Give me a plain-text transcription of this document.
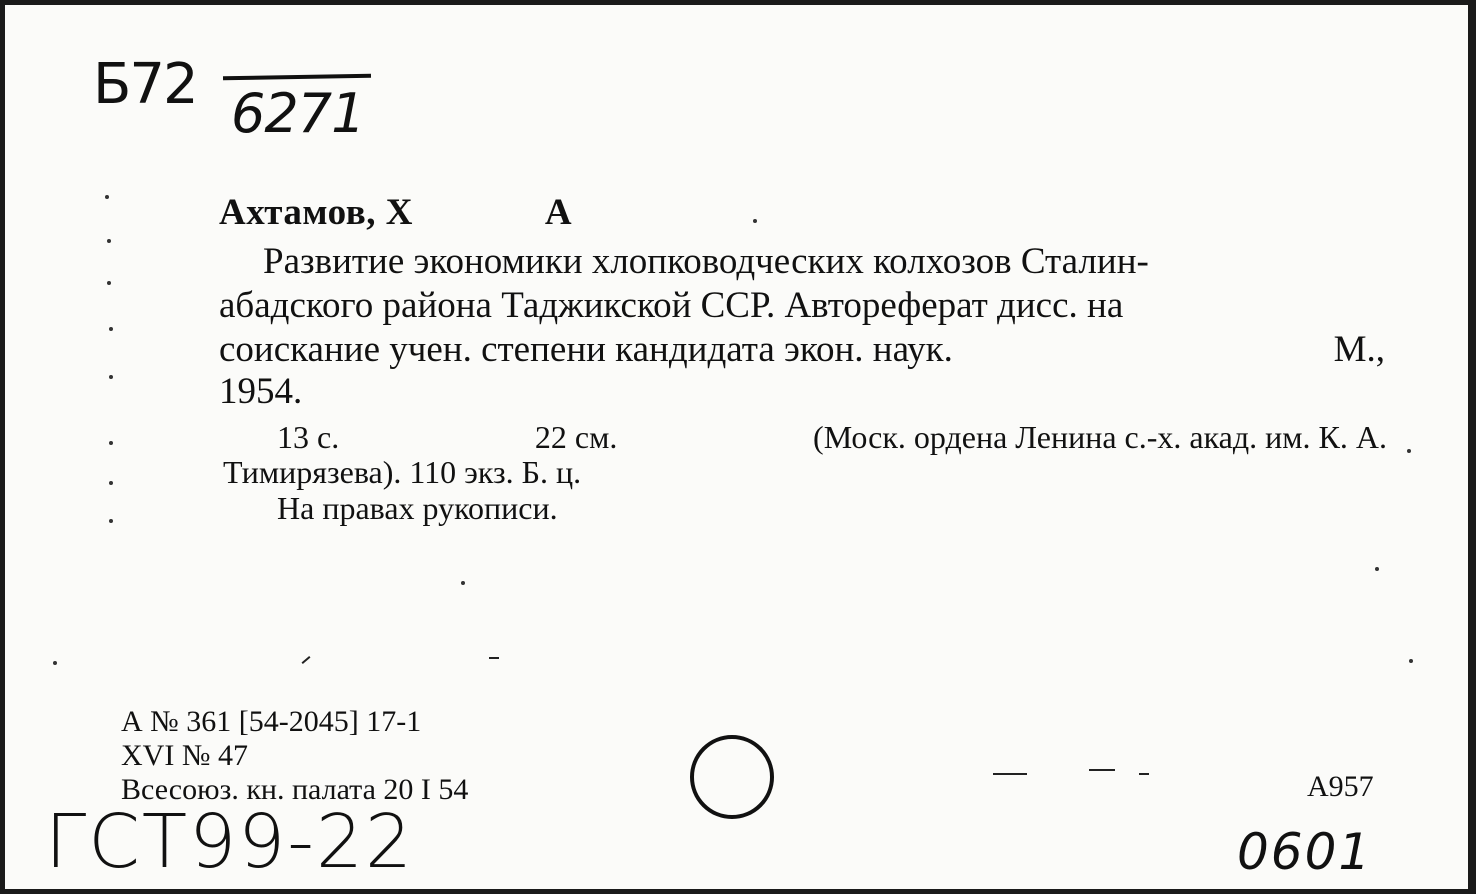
Б72 6271

Ахтамов, Х	А

Развитие экономики хлопководческих колхозов Сталин-

абадского района Таджикской ССР. Автореферат дисс. на

соискание учен. степени кандидата экон. наук.	М.,

1954.

13 с.	22 см.	(Моск. ордена Ленина с.-х. акад. им. К. А.

Тимирязева). 110 экз. Б. ц.

На правах рукописи.

А № 361 [54-2045] 17-1

XVI № 47

Всесоюз. кн. палата 20 I 54	А957

ГСТ99-22	0601
